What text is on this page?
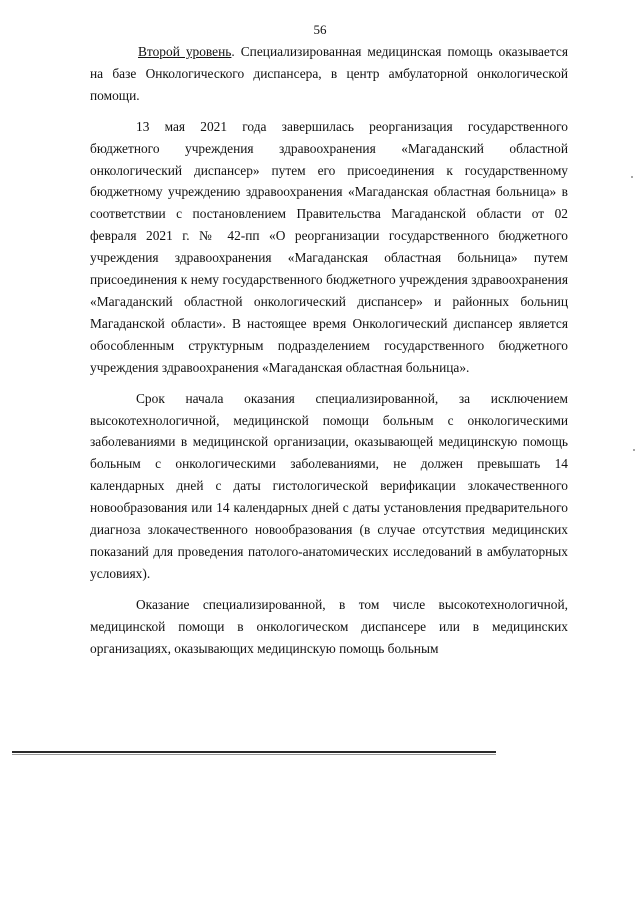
56

Второй уровень. Специализированная медицинская помощь оказывается на базе Онкологического диспансера, в центр амбулаторной онкологической помощи.

13 мая 2021 года завершилась реорганизация государственного бюджетного учреждения здравоохранения «Магаданский областной онкологический диспансер» путем его присоединения к государственному бюджетному учреждению здравоохранения «Магаданская областная больница» в соответствии с постановлением Правительства Магаданской области от 02 февраля 2021 г. № 42-пп «О реорганизации государственного бюджетного учреждения здравоохранения «Магаданская областная больница» путем присоединения к нему государственного бюджетного учреждения здравоохранения «Магаданский областной онкологический диспансер» и районных больниц Магаданской области». В настоящее время Онкологический диспансер является обособленным структурным подразделением государственного бюджетного учреждения здравоохранения «Магаданская областная больница».

Срок начала оказания специализированной, за исключением высокотехнологичной, медицинской помощи больным с онкологическими заболеваниями в медицинской организации, оказывающей медицинскую помощь больным с онкологическими заболеваниями, не должен превышать 14 календарных дней с даты гистологической верификации злокачественного новообразования или 14 календарных дней с даты установления предварительного диагноза злокачественного новообразования (в случае отсутствия медицинских показаний для проведения патолого-анатомических исследований в амбулаторных условиях).

Оказание специализированной, в том числе высокотехнологичной, медицинской помощи в онкологическом диспансере или в медицинских организациях, оказывающих медицинскую помощь больным
